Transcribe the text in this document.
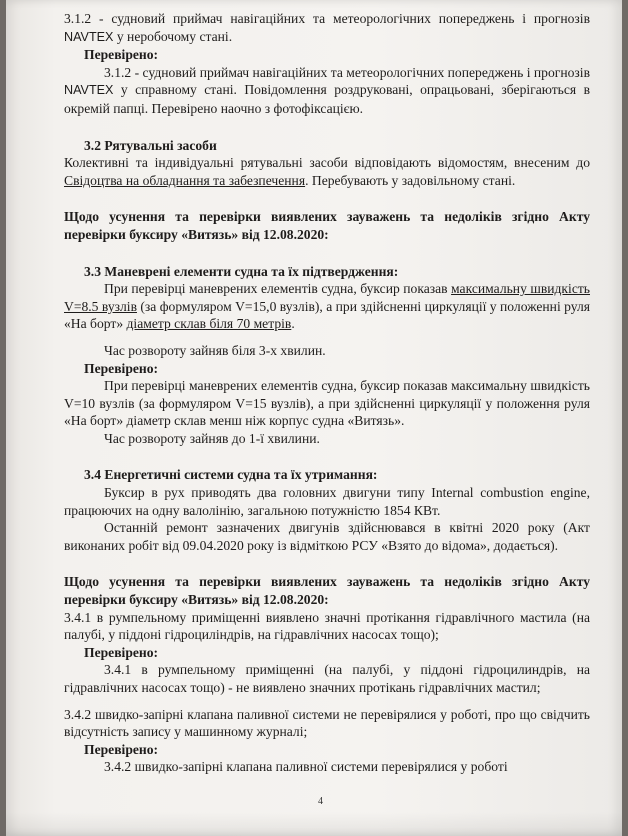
3.1.2 - судновий приймач навігаційних та метеорологічних попереджень і прогнозів NAVTEX у неробочому стані.

Перевірено:

3.1.2 - судновий приймач навігаційних та метеорологічних попереджень і прогнозів NAVTEX у справному стані. Повідомлення роздруковані, опрацьовані, зберігаються в окремій папці. Перевірено наочно з фотофіксацією.

3.2 Рятувальні засоби

Колективні та індивідуальні рятувальні засоби відповідають відомостям, внесеним до Свідоцтва на обладнання та забезпечення. Перебувають у задовільному стані.

Щодо усунення та перевірки виявлених зауважень та недоліків згідно Акту перевірки буксиру «Витязь» від 12.08.2020:

3.3 Маневрені елементи судна та їх підтвердження:

При перевірці маневрених елементів судна, буксир показав максимальну швидкість V=8.5 вузлів (за формуляром V=15,0 вузлів), а при здійсненні циркуляції у положенні руля «На борт» діаметр склав біля 70 метрів.

Час розвороту зайняв біля 3-х хвилин.

Перевірено:

При перевірці маневрених елементів судна, буксир показав максимальну швидкість V=10 вузлів (за формуляром V=15 вузлів), а при здійсненні циркуляції у положення руля «На борт» діаметр склав менш ніж корпус судна «Витязь».

Час розвороту зайняв до 1-ї хвилини.

3.4 Енергетичні системи судна та їх утримання:

Буксир в рух приводять два головних двигуни типу Internal combustion engine, працюючих на одну валолінію, загальною потужністю 1854 КВт.

Останній ремонт зазначених двигунів здійснювався в квітні 2020 року (Акт виконаних робіт від 09.04.2020 року із відміткою РСУ «Взято до відома», додається).

Щодо усунення та перевірки виявлених зауважень та недоліків згідно Акту перевірки буксиру «Витязь» від 12.08.2020:

3.4.1 в румпельному приміщенні виявлено значні протікання гідравлічного мастила (на палубі, у піддоні гідроциліндрів, на гідравлічних насосах тощо);

Перевірено:

3.4.1 в румпельному приміщенні (на палубі, у піддоні гідроцилиндрів, на гідравлічних насосах тощо) - не виявлено значних протікань гідравлічних мастил;

3.4.2 швидко-запірні клапана паливної системи не перевірялися у роботі, про що свідчить відсутність запису у машинному журналі;

Перевірено:

3.4.2 швидко-запірні клапана паливної системи перевірялися у роботі

4
